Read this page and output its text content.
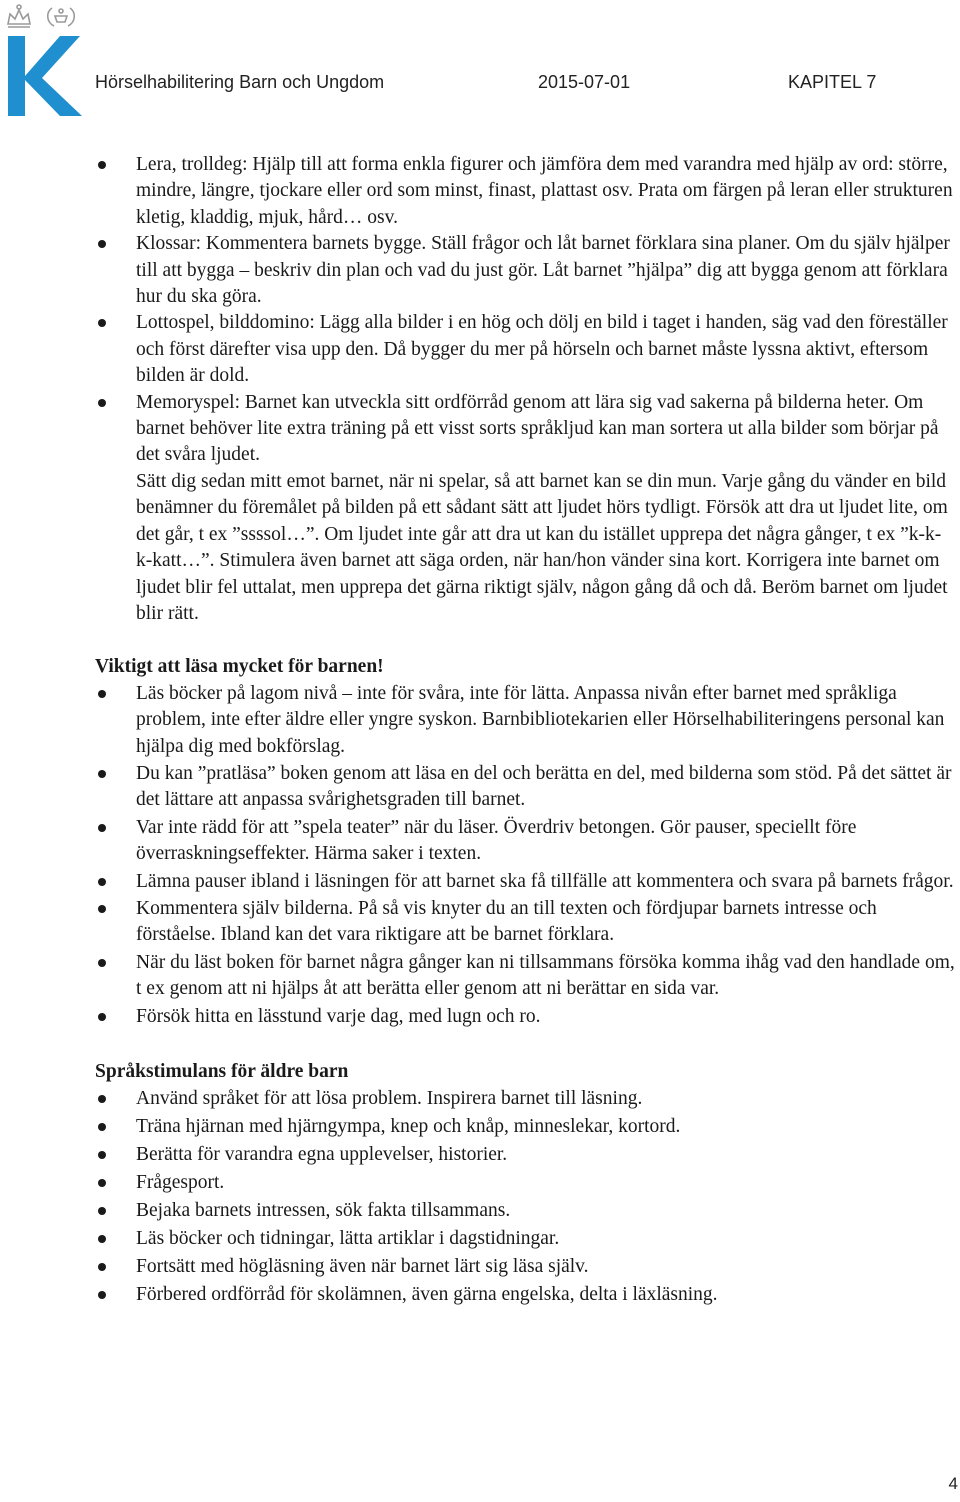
Hörselhabilitering Barn och Ungdom	2015-07-01	KAPITEL 7
Lera, trolldeg: Hjälp till att forma enkla figurer och jämföra dem med varandra med hjälp av ord: större, mindre, längre, tjockare eller ord som minst, finast, plattast osv. Prata om färgen på leran eller strukturen kletig, kladdig, mjuk, hård… osv.
Klossar: Kommentera barnets bygge. Ställ frågor och låt barnet förklara sina planer. Om du själv hjälper till att bygga – beskriv din plan och vad du just gör. Låt barnet ”hjälpa” dig att bygga genom att förklara hur du ska göra.
Lottospel, bilddomino: Lägg alla bilder i en hög och dölj en bild i taget i handen, säg vad den föreställer och först därefter visa upp den. Då bygger du mer på hörseln och barnet måste lyssna aktivt, eftersom bilden är dold.
Memoryspel: Barnet kan utveckla sitt ordförråd genom att lära sig vad sakerna på bilderna heter. Om barnet behöver lite extra träning på ett visst sorts språkljud kan man sortera ut alla bilder som börjar på det svåra ljudet.
Sätt dig sedan mitt emot barnet, när ni spelar, så att barnet kan se din mun. Varje gång du vänder en bild benämner du föremålet på bilden på ett sådant sätt att ljudet hörs tydligt. Försök att dra ut ljudet lite, om det går, t ex ”ssssol…”. Om ljudet inte går att dra ut kan du istället upprepa det några gånger, t ex ”k-k-k-katt…”. Stimulera även barnet att säga orden, när han/hon vänder sina kort. Korrigera inte barnet om ljudet blir fel uttalat, men upprepa det gärna riktigt själv, någon gång då och då. Beröm barnet om ljudet blir rätt.

Viktigt att läsa mycket för barnen!

Läs böcker på lagom nivå – inte för svåra, inte för lätta. Anpassa nivån efter barnet med språkliga problem, inte efter äldre eller yngre syskon. Barnbibliotekarien eller Hörselhabiliteringens personal kan hjälpa dig med bokförslag.
Du kan ”pratläsa” boken genom att läsa en del och berätta en del, med bilderna som stöd. På det sättet är det lättare att anpassa svårighetsgraden till barnet.
Var inte rädd för att ”spela teater” när du läser. Överdriv betongen. Gör pauser, speciellt före överraskningseffekter. Härma saker i texten.
Lämna pauser ibland i läsningen för att barnet ska få tillfälle att kommentera och svara på barnets frågor.
Kommentera själv bilderna. På så vis knyter du an till texten och fördjupar barnets intresse och förståelse. Ibland kan det vara riktigare att be barnet förklara.
När du läst boken för barnet några gånger kan ni tillsammans försöka komma ihåg vad den handlade om, t ex genom att ni hjälps åt att berätta eller genom att ni berättar en sida var.
Försök hitta en lässtund varje dag, med lugn och ro.

Språkstimulans för äldre barn

Använd språket för att lösa problem. Inspirera barnet till läsning.
Träna hjärnan med hjärngympa, knep och knåp, minneslekar, kortord.
Berätta för varandra egna upplevelser, historier.
Frågesport.
Bejaka barnets intressen, sök fakta tillsammans.
Läs böcker och tidningar, lätta artiklar i dagstidningar.
Fortsätt med högläsning även när barnet lärt sig läsa själv.
Förbered ordförråd för skolämnen, även gärna engelska, delta i läxläsning.
4
